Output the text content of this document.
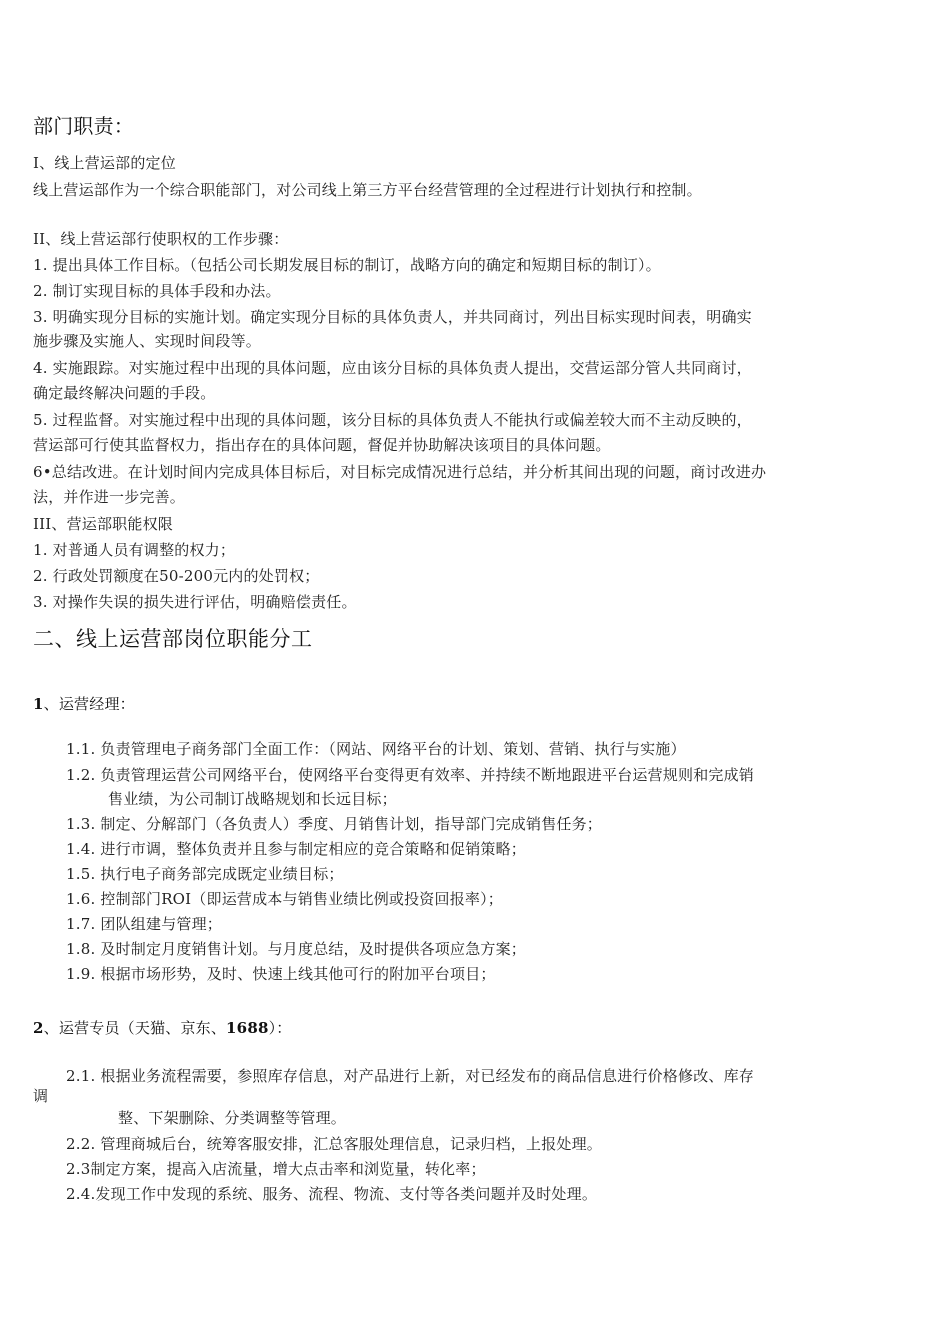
部门职责：
I、线上营运部的定位
线上营运部作为一个综合职能部门，对公司线上第三方平台经营管理的全过程进行计划执行和控制。
II、线上营运部行使职权的工作步骤：
1. 提出具体工作目标。（包括公司长期发展目标的制订，战略方向的确定和短期目标的制订）。
2. 制订实现目标的具体手段和办法。
3. 明确实现分目标的实施计划。确定实现分目标的具体负责人，并共同商讨，列出目标实现时间表，明确实
施步骤及实施人、实现时间段等。
4. 实施跟踪。对实施过程中出现的具体问题，应由该分目标的具体负责人提出，交营运部分管人共同商讨，
确定最终解决问题的手段。
5. 过程监督。对实施过程中出现的具体问题，该分目标的具体负责人不能执行或偏差较大而不主动反映的，
营运部可行使其监督权力，指出存在的具体问题，督促并协助解决该项目的具体问题。
6•总结改进。在计划时间内完成具体目标后，对目标完成情况进行总结，并分析其间出现的问题，商讨改进办
法，并作进一步完善。
III、营运部职能权限
1. 对普通人员有调整的权力；
2. 行政处罚额度在50-200元内的处罚权；
3. 对操作失误的损失进行评估，明确赔偿责任。
二、线上运营部岗位职能分工
1、运营经理：
1.1. 负责管理电子商务部门全面工作：（网站、网络平台的计划、策划、营销、执行与实施）
1.2. 负责管理运营公司网络平台，使网络平台变得更有效率、并持续不断地跟进平台运营规则和完成销
售业绩，为公司制订战略规划和长远目标；
1.3. 制定、分解部门（各负责人）季度、月销售计划，指导部门完成销售任务；
1.4. 进行市调，整体负责并且参与制定相应的竞合策略和促销策略；
1.5. 执行电子商务部完成既定业绩目标；
1.6. 控制部门ROI（即运营成本与销售业绩比例或投资回报率）；
1.7. 团队组建与管理；
1.8. 及时制定月度销售计划。与月度总结，及时提供各项应急方案；
1.9. 根据市场形势，及时、快速上线其他可行的附加平台项目；
2、运营专员（天猫、京东、1688）：
2.1. 根据业务流程需要，参照库存信息，对产品进行上新，对已经发布的商品信息进行价格修改、库存
调
整、下架删除、分类调整等管理。
2.2. 管理商城后台，统筹客服安排，汇总客服处理信息，记录归档，上报处理。
2.3制定方案，提高入店流量，增大点击率和浏览量，转化率；
2.4.发现工作中发现的系统、服务、流程、物流、支付等各类问题并及时处理。
